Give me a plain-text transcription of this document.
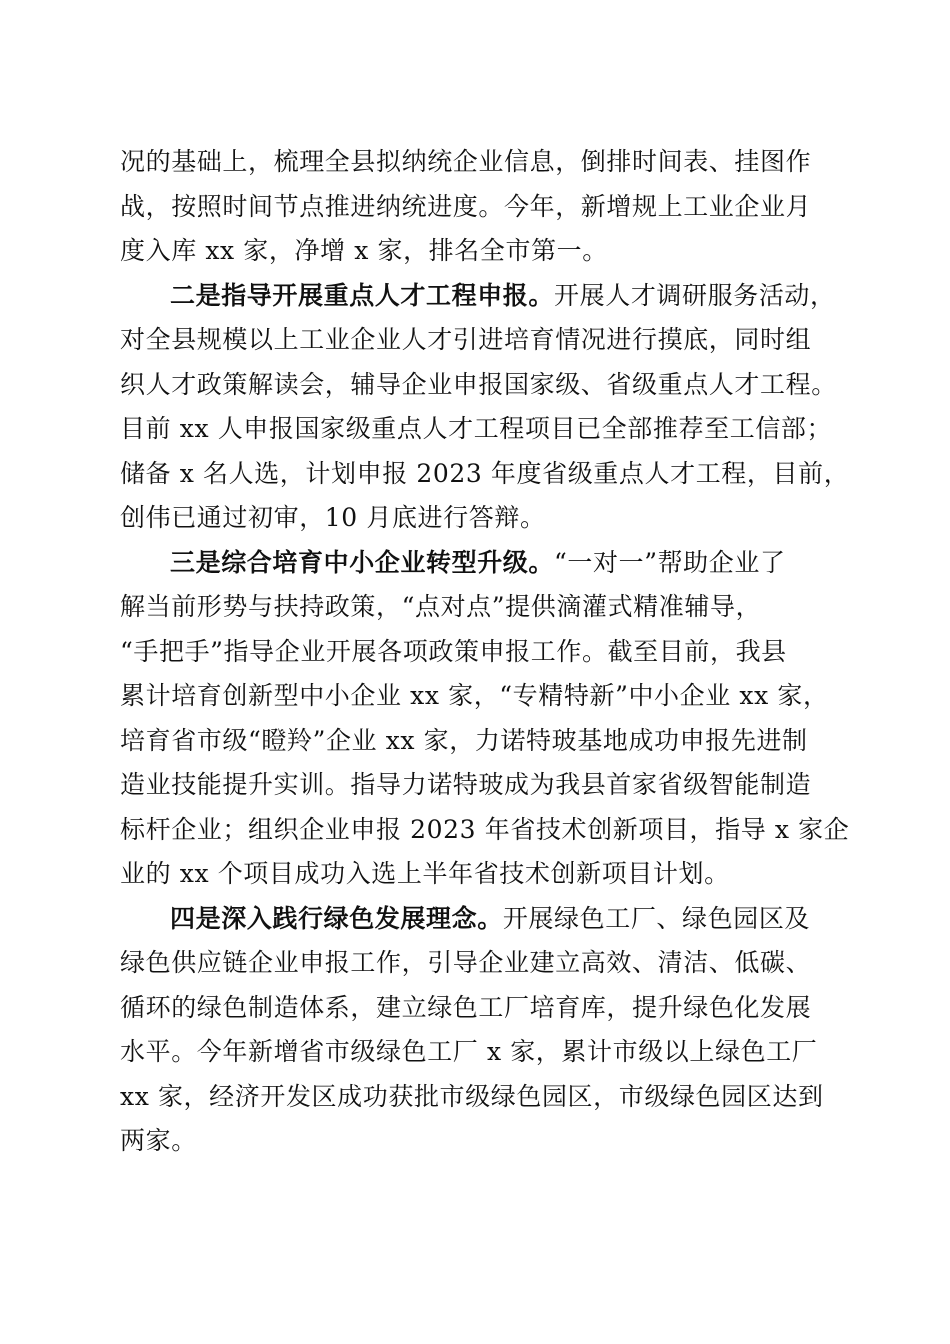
况的基础上，梳理全县拟纳统企业信息，倒排时间表、挂图作
战，按照时间节点推进纳统进度。今年，新增规上工业企业月
度入库 xx 家，净增 x 家，排名全市第一。
二是指导开展重点人才工程申报。开展人才调研服务活动，
对全县规模以上工业企业人才引进培育情况进行摸底，同时组
织人才政策解读会，辅导企业申报国家级、省级重点人才工程。
目前 xx 人申报国家级重点人才工程项目已全部推荐至工信部；
储备 x 名人选，计划申报 2023 年度省级重点人才工程，目前，
创伟已通过初审，10 月底进行答辩。
三是综合培育中小企业转型升级。“一对一”帮助企业了
解当前形势与扶持政策，“点对点”提供滴灌式精准辅导，
“手把手”指导企业开展各项政策申报工作。截至目前，我县
累计培育创新型中小企业 xx 家，“专精特新”中小企业 xx 家，
培育省市级“瞪羚”企业 xx 家，力诺特玻基地成功申报先进制
造业技能提升实训。指导力诺特玻成为我县首家省级智能制造
标杆企业；组织企业申报 2023 年省技术创新项目，指导 x 家企
业的 xx 个项目成功入选上半年省技术创新项目计划。
四是深入践行绿色发展理念。开展绿色工厂、绿色园区及
绿色供应链企业申报工作，引导企业建立高效、清洁、低碳、
循环的绿色制造体系，建立绿色工厂培育库，提升绿色化发展
水平。今年新增省市级绿色工厂 x 家，累计市级以上绿色工厂
xx 家，经济开发区成功获批市级绿色园区，市级绿色园区达到
两家。
